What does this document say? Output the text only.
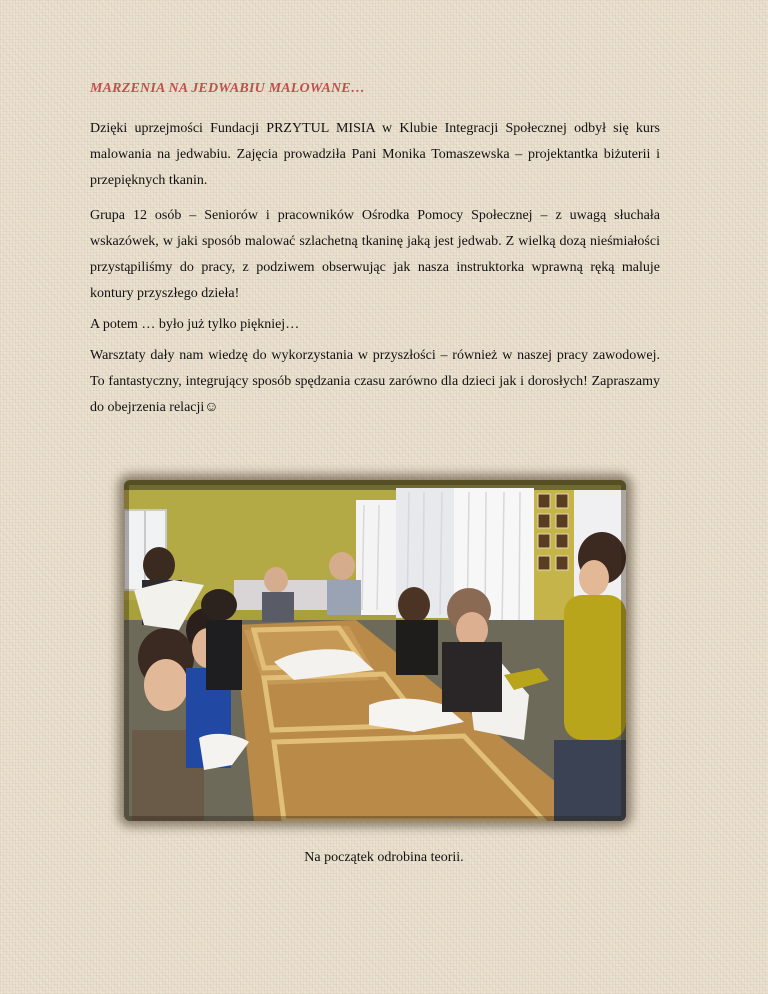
MARZENIA NA JEDWABIU MALOWANE…

Dzięki uprzejmości Fundacji PRZYTUL MISIA w Klubie Integracji Społecznej odbył się kurs malowania na jedwabiu. Zajęcia prowadziła Pani Monika Tomaszewska – projektantka biżuterii i przepięknych tkanin.

Grupa 12 osób – Seniorów i pracowników Ośrodka Pomocy Społecznej – z uwagą słuchała wskazówek, w jaki sposób malować szlachetną tkaninę jaką jest jedwab. Z wielką dozą nieśmiałości przystąpiliśmy do pracy, z podziwem obserwując jak nasza instruktorka wprawną ręką maluje kontury przyszłego dzieła!

A potem … było już tylko piękniej…

Warsztaty dały nam wiedzę do wykorzystania w przyszłości – również w naszej pracy zawodowej. To fantastyczny, integrujący sposób spędzania czasu zarówno dla dzieci jak i dorosłych! Zapraszamy do obejrzenia relacji☺

Na początek odrobina teorii.
